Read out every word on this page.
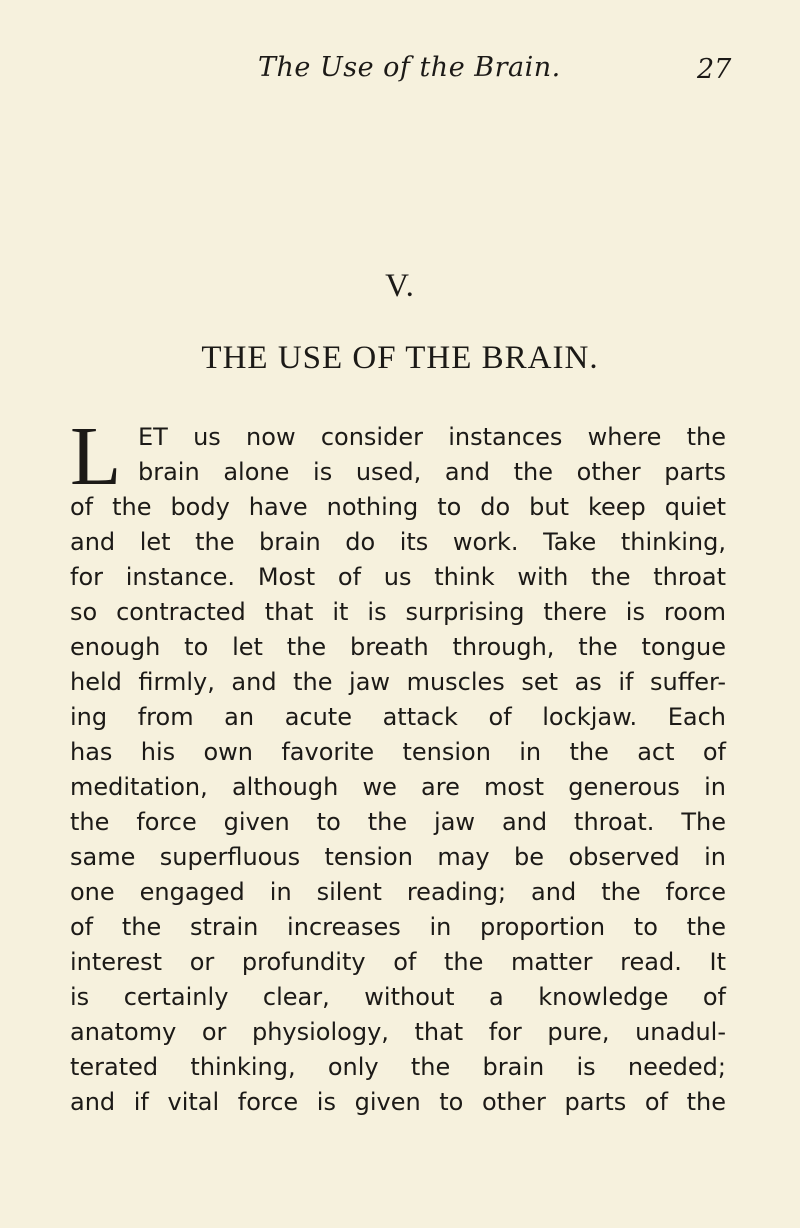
The Use of the Brain.	27
V.
THE USE OF THE BRAIN.
L ET us now consider instances where the
brain alone is used, and the other parts
of the body have nothing to do but keep quiet
and let the brain do its work. Take thinking,
for instance. Most of us think with the throat
so contracted that it is surprising there is room
enough to let the breath through, the tongue
held firmly, and the jaw muscles set as if suffer-
ing from an acute attack of lockjaw. Each
has his own favorite tension in the act of
meditation, although we are most generous in
the force given to the jaw and throat. The
same superfluous tension may be observed in
one engaged in silent reading; and the force
of the strain increases in proportion to the
interest or profundity of the matter read. It
is certainly clear, without a knowledge of
anatomy or physiology, that for pure, unadul-
terated thinking, only the brain is needed;
and if vital force is given to other parts of the
